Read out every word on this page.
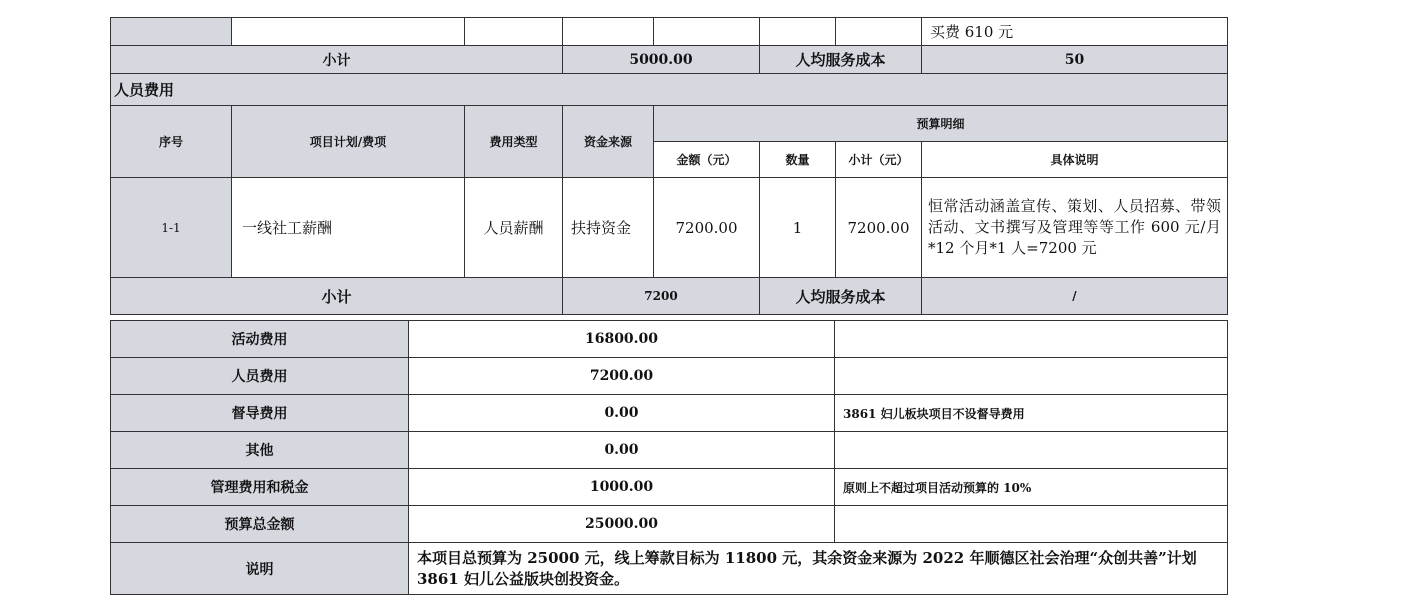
							买费 610 元
小计			5000.00		人均服务成本		50
人员费用							
序号	项目计划/费项	费用类型	资金来源	预算明细			
				金额（元）	数量	小计（元）	具体说明
1-1	一线社工薪酬	人员薪酬	扶持资金	7200.00	1	7200.00	恒常活动涵盖宣传、策划、人员招募、带领活动、文书撰写及管理等等工作 600 元/月*12 个月*1 人=7200 元
小计			7200		人均服务成本		/
活动费用	16800.00	
人员费用	7200.00	
督导费用	0.00	3861 妇儿板块项目不设督导费用
其他	0.00	
管理费用和税金	1000.00	原则上不超过项目活动预算的 10%
预算总金额	25000.00	
说明	本项目总预算为 25000 元，线上筹款目标为 11800 元，其余资金来源为 2022 年顺德区社会治理“众创共善”计划 3861 妇儿公益版块创投资金。	
